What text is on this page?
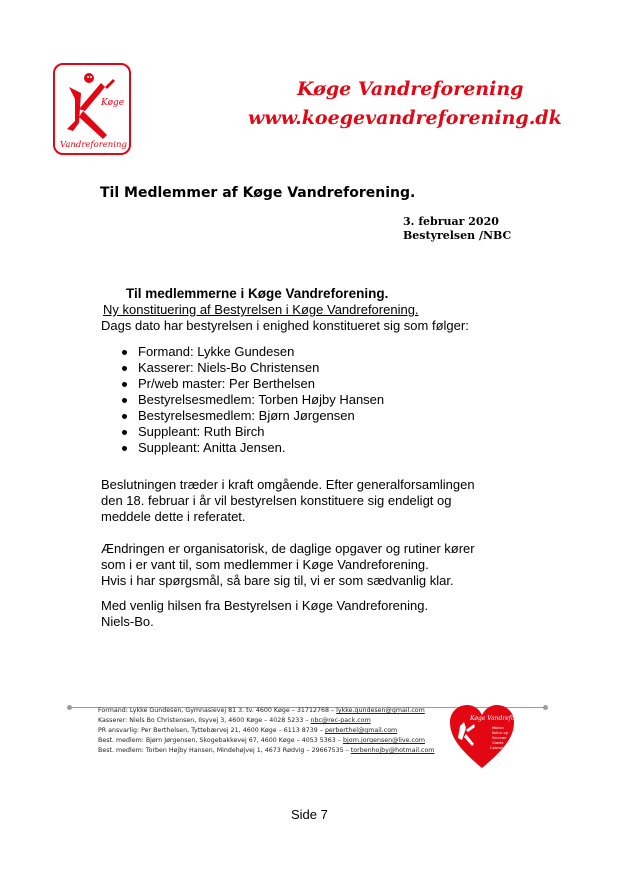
Køge
Vandreforening
Køge Vandreforening
www.koegevandreforening.dk
Til Medlemmer af Køge Vandreforening.
3. februar 2020
Bestyrelsen /NBC
Til medlemmerne i Køge Vandreforening.
Ny konstituering af Bestyrelsen i Køge Vandreforening.
Dags dato har bestyrelsen i enighed konstitueret sig som følger:
Formand: Lykke Gundesen
Kasserer: Niels-Bo Christensen
Pr/web master: Per Berthelsen
Bestyrelsesmedlem: Torben Højby Hansen
Bestyrelsesmedlem: Bjørn Jørgensen
Suppleant: Ruth Birch
Suppleant: Anitta Jensen.
Beslutningen træder i kraft omgående. Efter generalforsamlingen
den 18. februar i år vil bestyrelsen konstituere sig endeligt og
meddele dette i referatet.
Ændringen er organisatorisk, de daglige opgaver og rutiner kører
som i er vant til, som medlemmer i Køge Vandreforening.
Hvis i har spørgsmål, så bare sig til, vi er som sædvanlig klar.
Med venlig hilsen fra Bestyrelsen i Køge Vandreforening.
Niels-Bo.
Formand: Lykke Gundesen, Gymnasievej 81 3. tv. 4600 Køge – 31712768 – lykke.gundesen@gmail.com
Kasserer: Niels Bo Christensen, Ilsyvej 3, 4600 Køge – 4028 5233 – nbc@rec-pack.com
PR ansvarlig: Per Berthelsen, Tyttebærvej 21, 4600 Køge – 6113 8739 – perberthel@gmail.com
Best. medlem: Bjørn Jørgensen, Skogebakkevej 67, 4600 Køge – 4053 5363 – bjorn.jorgensen@live.com
Best. medlem: Torben Højby Hansen, Mindehøjvej 1, 4673 Rødvig – 29667535 – torbenhojby@hotmail.com
Køge Vandreforening
Motion
Kultur og
Samvær
Glæde
Oplevelser
Side 7
